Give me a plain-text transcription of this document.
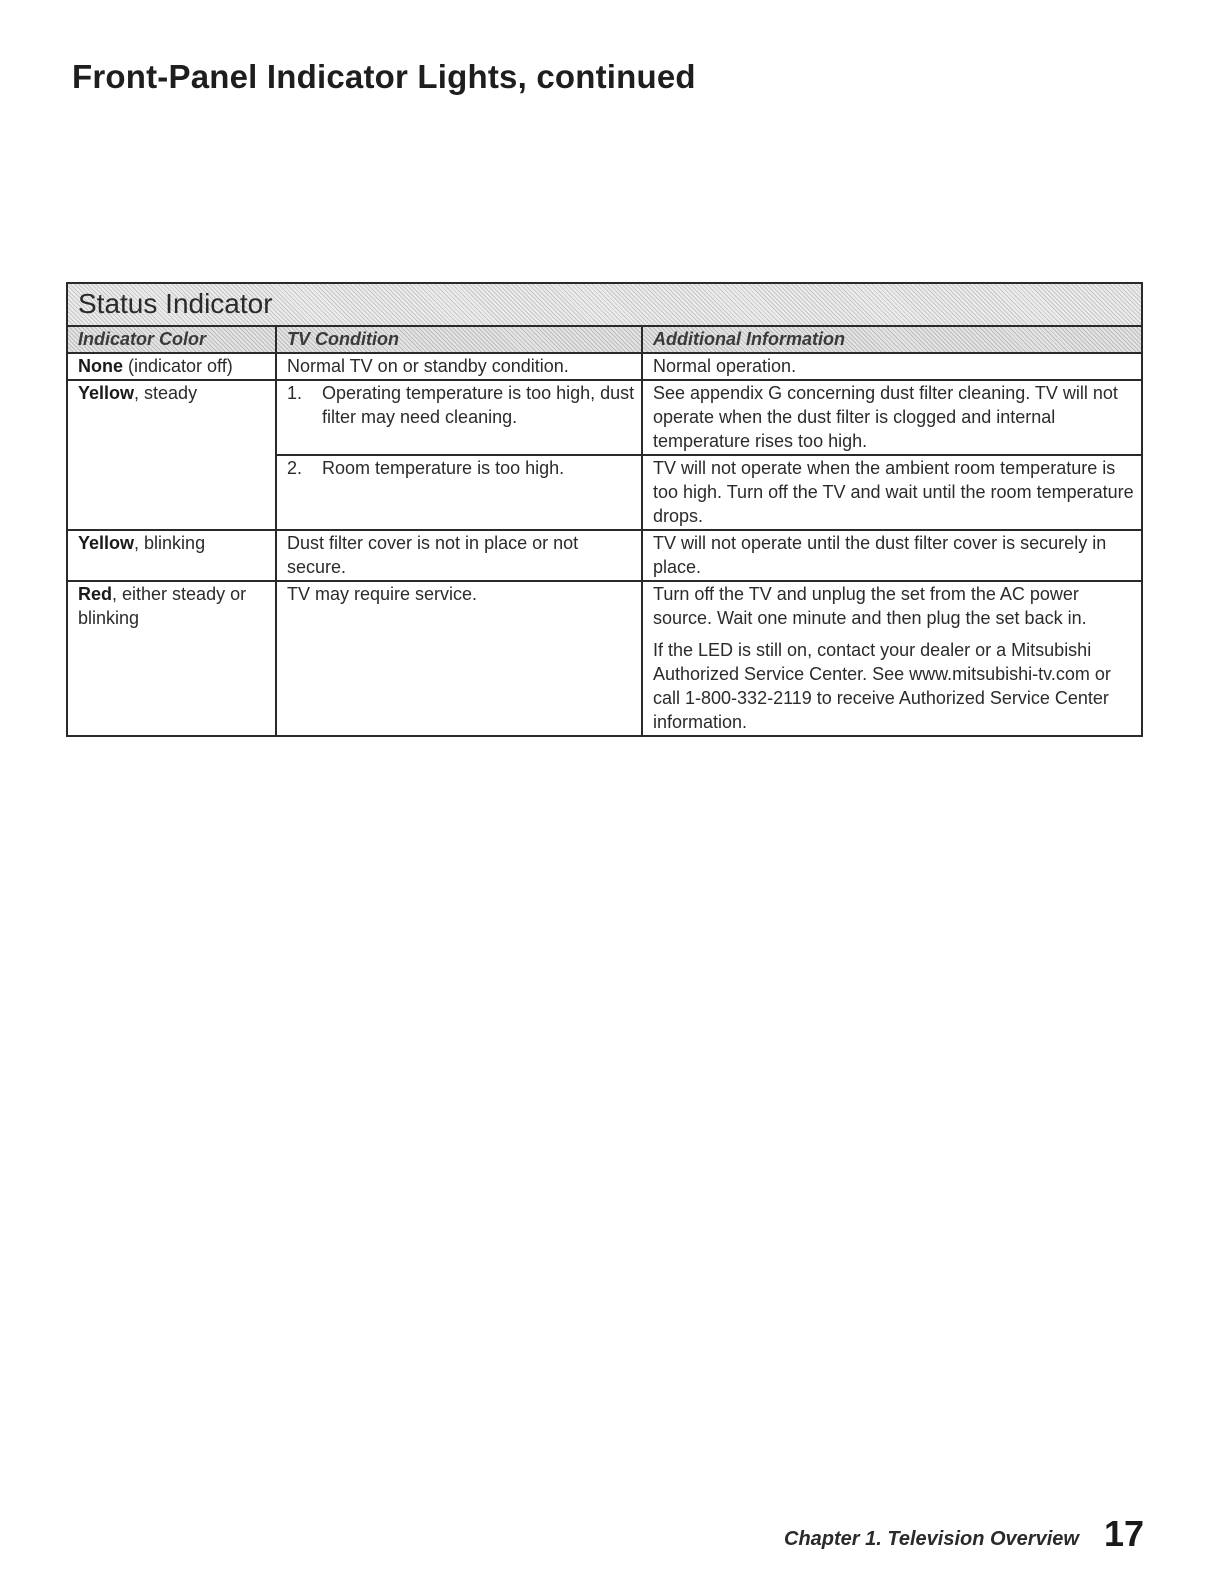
Front-Panel Indicator Lights, continued
Status Indicator		
Indicator Color	TV Condition	Additional Information
None (indicator off)	Normal TV on or standby condition.	Normal operation.
Yellow, steady	1. Operating temperature is too high, dust filter may need cleaning.	See appendix G concerning dust filter cleaning. TV will not operate when the dust filter is clogged and internal temperature rises too high.

	2. Room temperature is too high.	TV will not operate when the ambient room temperature is too high. Turn off the TV and wait until the room temperature drops.
Yellow, blinking	Dust filter cover is not in place or not secure.	TV will not operate until the dust filter cover is securely in place.
Red, either steady or blinking	TV may require service.	Turn off the TV and unplug the set from the AC power source. Wait one minute and then plug the set back in.
If the LED is still on, contact your dealer or a Mitsubishi Authorized Service Center. See www.mitsubishi-tv.com or call 1-800-332-2119 to receive Authorized Service Center information.
Chapter 1. Television Overview 17
